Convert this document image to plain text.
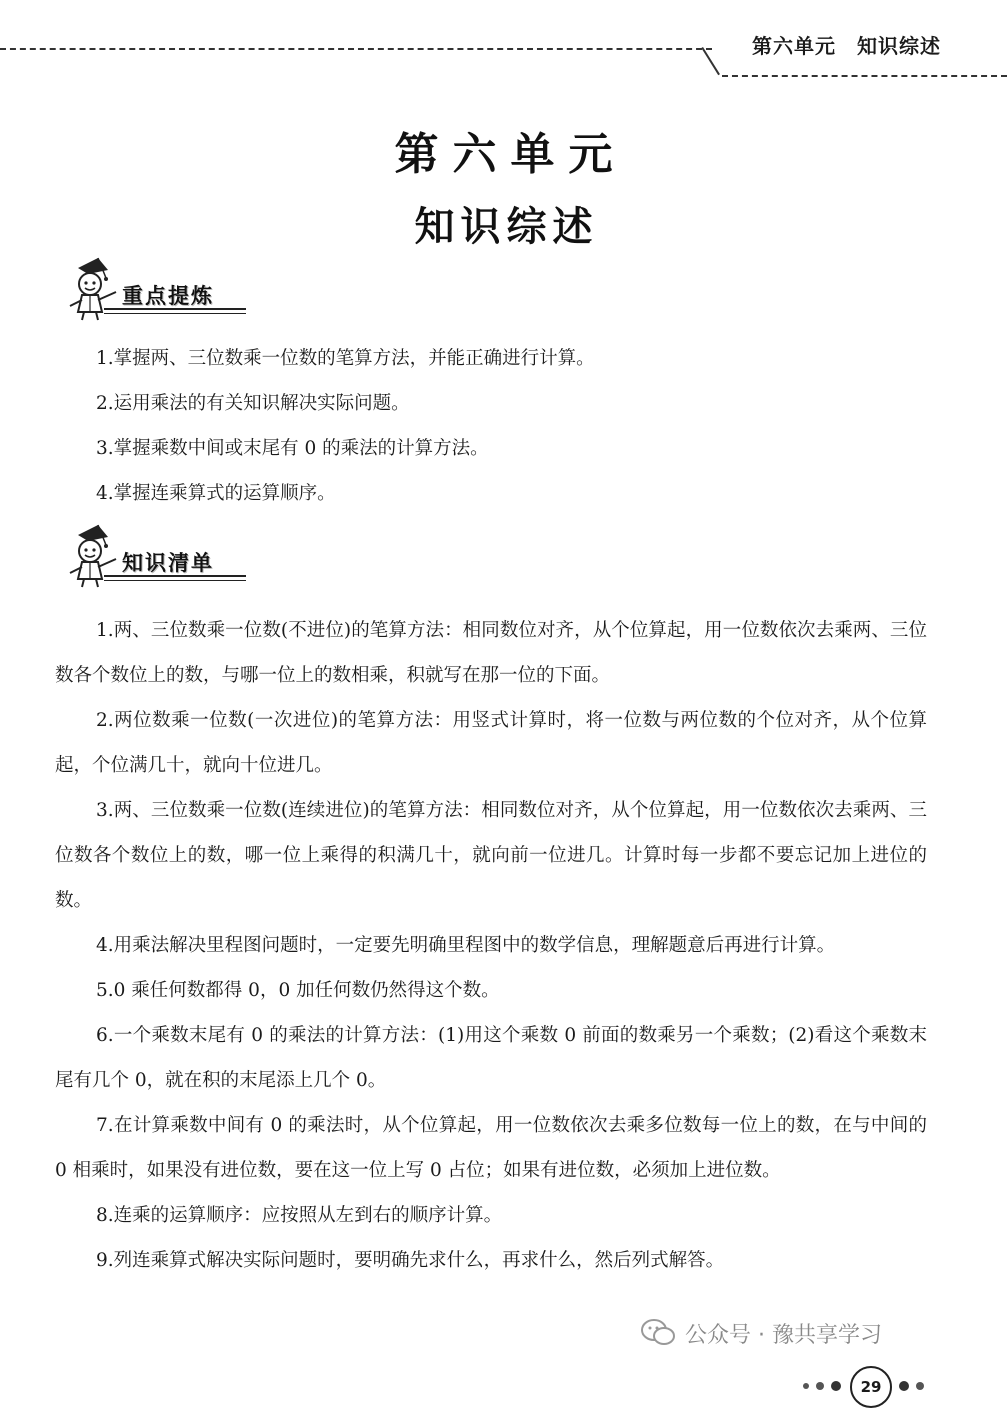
第六单元　知识综述
第六单元
知识综述
重点提炼
1.掌握两、三位数乘一位数的笔算方法，并能正确进行计算。
2.运用乘法的有关知识解决实际问题。
3.掌握乘数中间或末尾有 0 的乘法的计算方法。
4.掌握连乘算式的运算顺序。
知识清单
1.两、三位数乘一位数(不进位)的笔算方法：相同数位对齐，从个位算起，用一位数依次去乘两、三位数各个数位上的数，与哪一位上的数相乘，积就写在那一位的下面。
2.两位数乘一位数(一次进位)的笔算方法：用竖式计算时，将一位数与两位数的个位对齐，从个位算起，个位满几十，就向十位进几。
3.两、三位数乘一位数(连续进位)的笔算方法：相同数位对齐，从个位算起，用一位数依次去乘两、三位数各个数位上的数，哪一位上乘得的积满几十，就向前一位进几。计算时每一步都不要忘记加上进位的数。
4.用乘法解决里程图问题时，一定要先明确里程图中的数学信息，理解题意后再进行计算。
5.0 乘任何数都得 0，0 加任何数仍然得这个数。
6.一个乘数末尾有 0 的乘法的计算方法：(1)用这个乘数 0 前面的数乘另一个乘数；(2)看这个乘数末尾有几个 0，就在积的末尾添上几个 0。
7.在计算乘数中间有 0 的乘法时，从个位算起，用一位数依次去乘多位数每一位上的数，在与中间的 0 相乘时，如果没有进位数，要在这一位上写 0 占位；如果有进位数，必须加上进位数。
8.连乘的运算顺序：应按照从左到右的顺序计算。
9.列连乘算式解决实际问题时，要明确先求什么，再求什么，然后列式解答。
公众号 · 豫共享学习
29
